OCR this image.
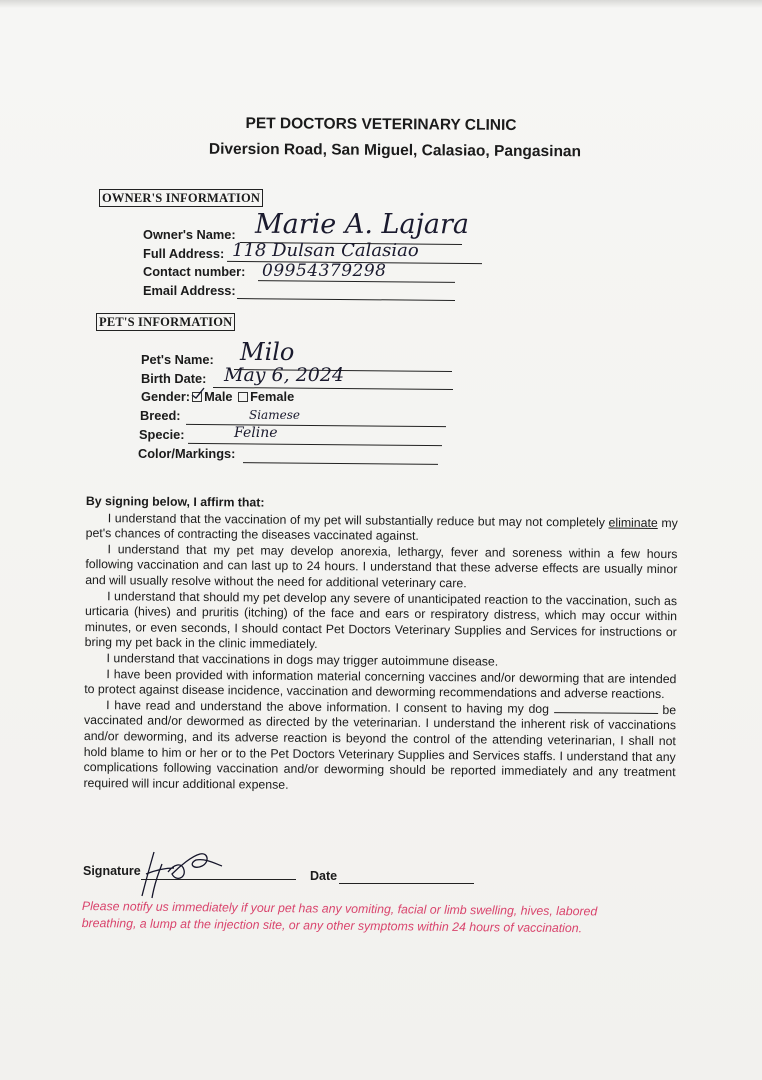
PET DOCTORS VETERINARY CLINIC
Diversion Road, San Miguel, Calasiao, Pangasinan
OWNER'S INFORMATION
Owner's Name: Marie A. Lajara
Full Address: 118 Dulsan Calasiao
Contact number: 09954379298
Email Address:
PET'S INFORMATION
Pet's Name: Milo
Birth Date: May 6, 2024
Gender: Male Female
Breed:	Siamese
Specie:	Feline
Color/Markings:

By signing below, I affirm that:

I understand that the vaccination of my pet will substantially reduce but may not completely eliminate my pet's chances of contracting the diseases vaccinated against.

I understand that my pet may develop anorexia, lethargy, fever and soreness within a few hours following vaccination and can last up to 24 hours. I understand that these adverse effects are usually minor and will usually resolve without the need for additional veterinary care.

I understand that should my pet develop any severe of unanticipated reaction to the vaccination, such as urticaria (hives) and pruritis (itching) of the face and ears or respiratory distress, which may occur within minutes, or even seconds, I should contact Pet Doctors Veterinary Supplies and Services for instructions or bring my pet back in the clinic immediately.

I understand that vaccinations in dogs may trigger autoimmune disease.

I have been provided with information material concerning vaccines and/or deworming that are intended to protect against disease incidence, vaccination and deworming recommendations and adverse reactions.

I have read and understand the above information. I consent to having my dog	be vaccinated and/or dewormed as directed by the veterinarian. I understand the inherent risk of vaccinations and/or deworming, and its adverse reaction is beyond the control of the attending veterinarian, I shall not hold blame to him or her or to the Pet Doctors Veterinary Supplies and Services staffs. I understand that any complications following vaccination and/or deworming should be reported immediately and any treatment required will incur additional expense.

Signature	Date
Please notify us immediately if your pet has any vomiting, facial or limb swelling, hives, labored breathing, a lump at the injection site, or any other symptoms within 24 hours of vaccination.
